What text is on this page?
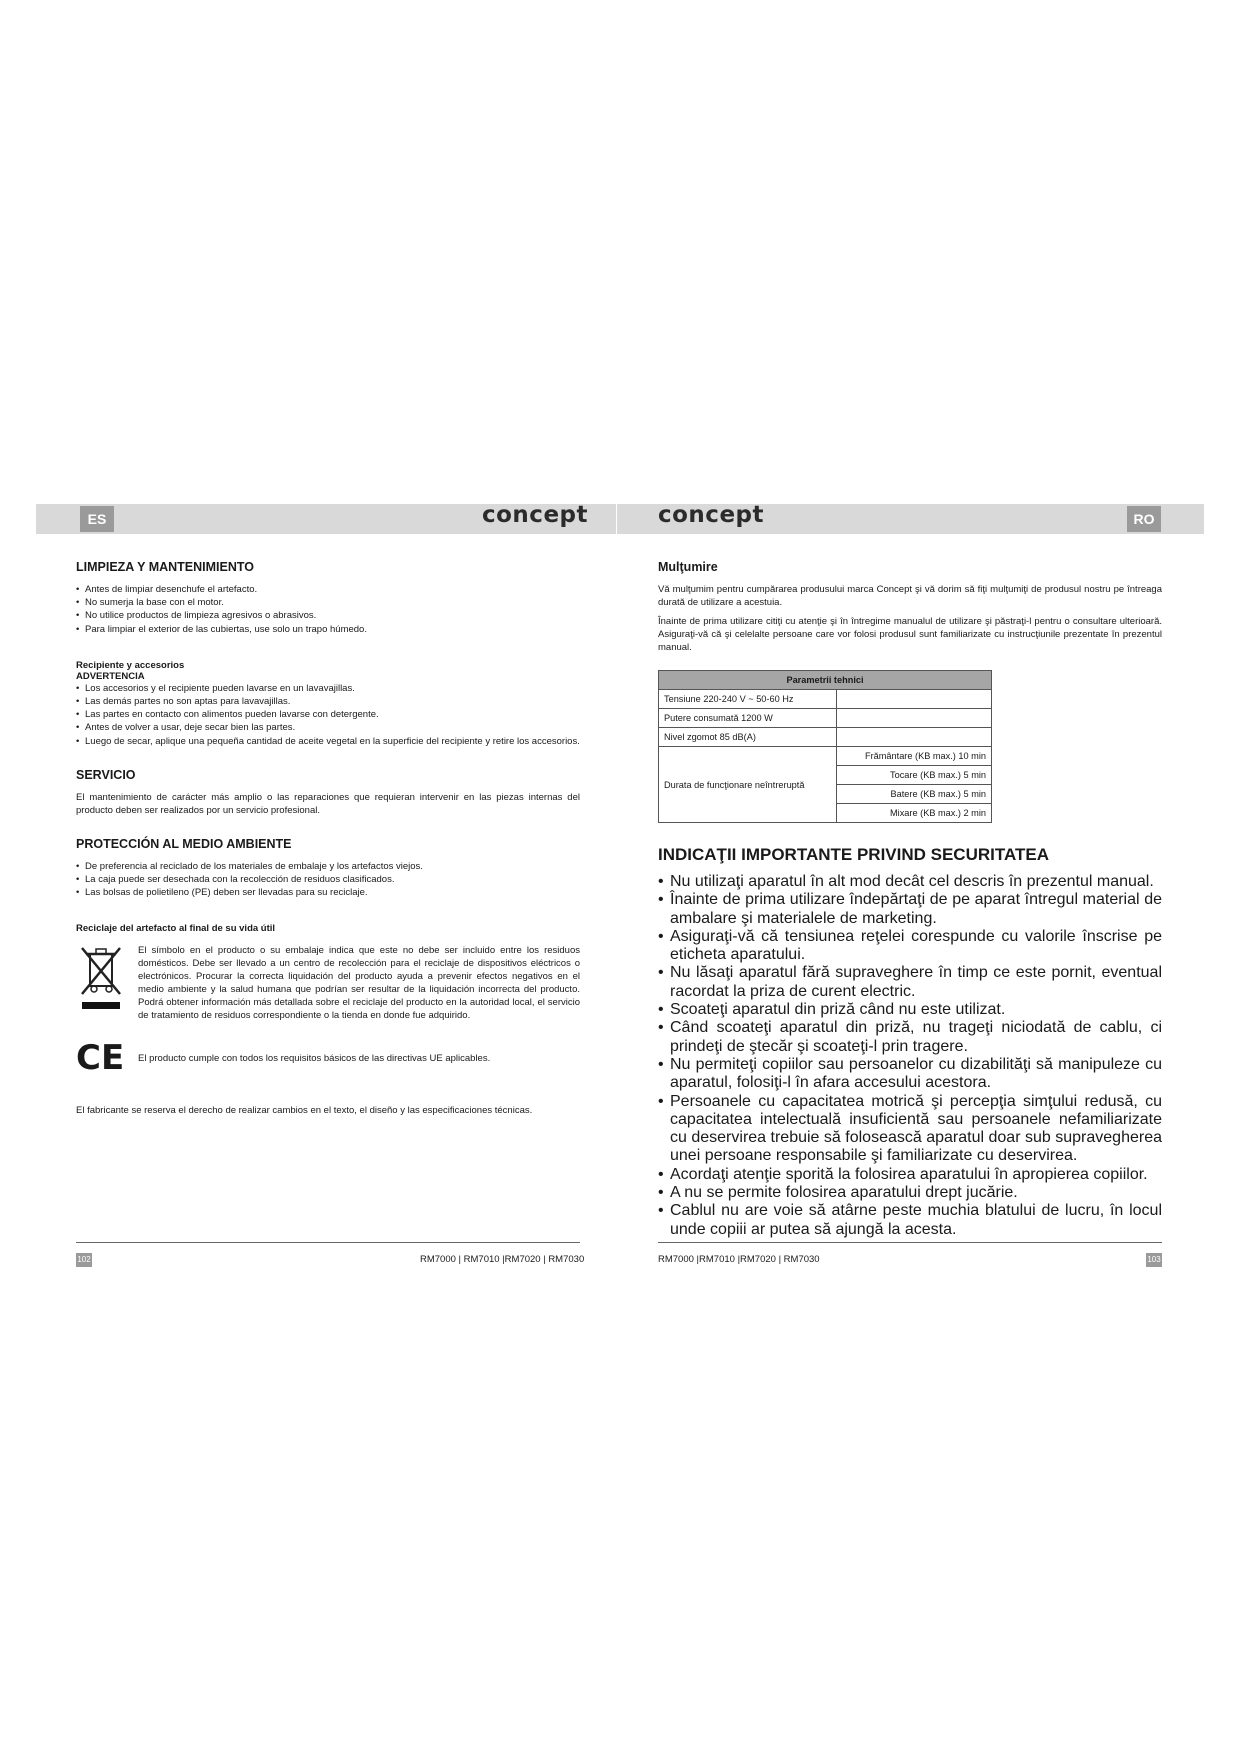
ES	RO
concept	concept
LIMPIEZA Y MANTENIMIENTO
• Antes de limpiar desenchufe el artefacto.
• No sumerja la base con el motor.
• No utilice productos de limpieza agresivos o abrasivos.
• Para limpiar el exterior de las cubiertas, use solo un trapo húmedo.
Recipiente y accesorios
ADVERTENCIA
• Los accesorios y el recipiente pueden lavarse en un lavavajillas.
• Las demás partes no son aptas para lavavajillas.
• Las partes en contacto con alimentos pueden lavarse con detergente.
• Antes de volver a usar, deje secar bien las partes.
• Luego de secar, aplique una pequeña cantidad de aceite vegetal en la superficie del recipiente y retire los accesorios.
SERVICIO

El mantenimiento de carácter más amplio o las reparaciones que requieran intervenir en las piezas internas del producto deben ser realizados por un servicio profesional.

PROTECCIÓN AL MEDIO AMBIENTE
• De preferencia al reciclado de los materiales de embalaje y los artefactos viejos.
• La caja puede ser desechada con la recolección de residuos clasificados.
• Las bolsas de polietileno (PE) deben ser llevadas para su reciclaje.
Reciclaje del artefacto al final de su vida útil

El símbolo en el producto o su embalaje indica que este no debe ser incluido entre los residuos domésticos. Debe ser llevado a un centro de recolección para el reciclaje de dispositivos eléctricos o electrónicos. Procurar la correcta liquidación del producto ayuda a prevenir efectos negativos en el medio ambiente y la salud humana que podrían ser resultar de la liquidación incorrecta del producto. Podrá obtener información más detallada sobre el reciclaje del producto en la autoridad local, el servicio de tratamiento de residuos correspondiente o la tienda en donde fue adquirido.

CE	El producto cumple con todos los requisitos básicos de las directivas UE aplicables.

El fabricante se reserva el derecho de realizar cambios en el texto, el diseño y las especificaciones técnicas.

Mulţumire

Vă mulţumim pentru cumpărarea produsului marca Concept şi vă dorim să fiţi mulţumiţi de produsul nostru pe întreaga durată de utilizare a acestuia.

Înainte de prima utilizare citiţi cu atenţie şi în întregime manualul de utilizare şi păstraţi-l pentru o consultare ulterioară. Asiguraţi-vă că şi celelalte persoane care vor folosi produsul sunt familiarizate cu instrucţiunile prezentate în prezentul manual.

Parametrii tehnici	
Tensiune 220-240 V ~ 50-60 Hz	
Putere consumată 1200 W	
Nivel zgomot 85 dB(A)	
Durata de funcţionare neîntreruptă	Frământare (KB max.) 10 min
	Tocare (KB max.) 5 min
	Batere (KB max.) 5 min
	Mixare (KB max.) 2 min
INDICAŢII IMPORTANTE PRIVIND SECURITATEA
• Nu utilizaţi aparatul în alt mod decât cel descris în prezentul manual.
• Înainte de prima utilizare îndepărtaţi de pe aparat întregul material de ambalare şi materialele de marketing.
• Asiguraţi-vă că tensiunea reţelei corespunde cu valorile înscrise pe eticheta aparatului.
• Nu lăsaţi aparatul fără supraveghere în timp ce este pornit, eventual racordat la priza de curent electric.
• Scoateţi aparatul din priză când nu este utilizat.
• Când scoateţi aparatul din priză, nu trageţi niciodată de cablu, ci prindeţi de ştecăr şi scoateţi-l prin tragere.
• Nu permiteţi copiilor sau persoanelor cu dizabilităţi să manipuleze cu aparatul, folosiţi-l în afara accesului acestora.
• Persoanele cu capacitatea motrică şi percepţia simţului redusă, cu capacitatea intelectuală insuficientă sau persoanele nefamiliarizate cu deservirea trebuie să folosească aparatul doar sub supravegherea unei persoane responsabile şi familiarizate cu deservirea.
• Acordaţi atenţie sporită la folosirea aparatului în apropierea copiilor.
• A nu se permite folosirea aparatului drept jucărie.
• Cablul nu are voie să atârne peste muchia blatului de lucru, în locul unde copiii ar putea să ajungă la acesta.
102	RM7000 | RM7010 |RM7020 | RM7030	RM7000 |RM7010 |RM7020 | RM7030	103
